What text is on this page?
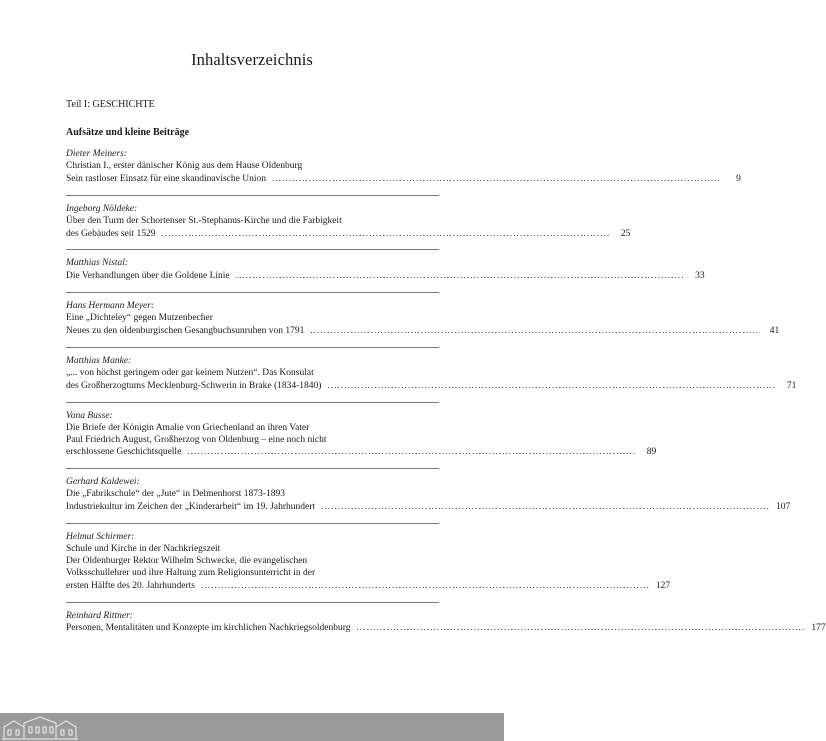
Inhaltsverzeichnis
Teil I: GESCHICHTE
Aufsätze und kleine Beiträge
Dieter Meiners:
Christian I., erster dänischer König aus dem Hause Oldenburg
Sein rastloser Einsatz für eine skandinavische Union ......................................................................................................................................	9
Ingeborg Nöldeke:
Über den Turm der Schortenser St.-Stephanus-Kirche und die Farbigkeit
des Gebäudes seit 1529 ......................................................................................................................................	25
Matthias Nistal:
Die Verhandlungen über die Goldene Linie ......................................................................................................................................	33
Hans Hermann Meyer:
Eine „Dichteley“ gegen Mutzenbecher
Neues zu den oldenburgischen Gesangbuchsunruhen von 1791 ......................................................................................................................................	41
Matthias Manke:
„... von höchst geringem oder gar keinem Nutzen“. Das Konsulat
des Großherzogtums Mecklenburg-Schwerin in Brake (1834-1840) ......................................................................................................................................	71
Vana Busse:
Die Briefe der Königin Amalie von Griechenland an ihren Vater
Paul Friedrich August, Großherzog von Oldenburg – eine noch nicht
erschlossene Geschichtsquelle ......................................................................................................................................	89
Gerhard Kaldewei:
Die „Fabrikschule“ der „Jute“ in Delmenhorst 1873-1893
Industriekultur im Zeichen der „Kinderarbeit“ im 19. Jahrhundert ...................................................................................................................................... 107
Helmut Schirmer:
Schule und Kirche in der Nachkriegszeit
Der Oldenburger Rektor Wilhelm Schwecke, die evangelischen
Volksschullehrer und ihre Haltung zum Religionsunterricht in der
ersten Hälfte des 20. Jahrhunderts ...................................................................................................................................... 127
Reinhard Rittner:
Personen, Mentalitäten und Konzepte im kirchlichen Nachkriegsoldenburg ...................................................................................................................................... 177
